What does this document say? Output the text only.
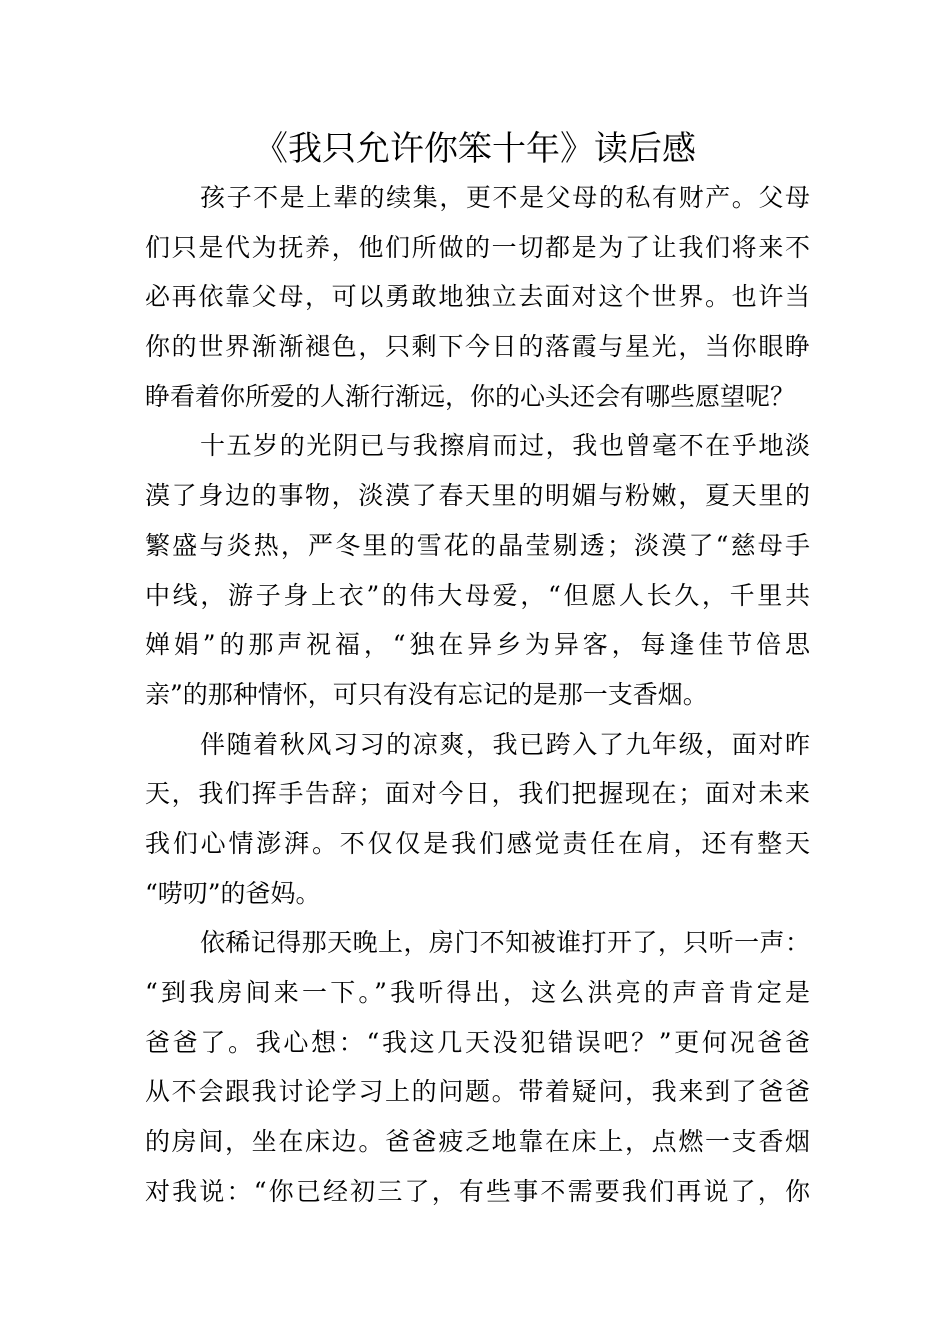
《我只允许你笨十年》读后感

孩子不是上辈的续集，更不是父母的私有财产。父母
们只是代为抚养，他们所做的一切都是为了让我们将来不
必再依靠父母，可以勇敢地独立去面对这个世界。也许当
你的世界渐渐褪色，只剩下今日的落霞与星光，当你眼睁
睁看着你所爱的人渐行渐远，你的心头还会有哪些愿望呢？

十五岁的光阴已与我擦肩而过，我也曾毫不在乎地淡
漠了身边的事物，淡漠了春天里的明媚与粉嫩，夏天里的
繁盛与炎热，严冬里的雪花的晶莹剔透；淡漠了“慈母手
中线，游子身上衣”的伟大母爱，“但愿人长久，千里共
婵娟”的那声祝福，“独在异乡为异客，每逢佳节倍思
亲”的那种情怀，可只有没有忘记的是那一支香烟。

伴随着秋风习习的凉爽，我已跨入了九年级，面对昨
天，我们挥手告辞；面对今日，我们把握现在；面对未来
我们心情澎湃。不仅仅是我们感觉责任在肩，还有整天
“唠叨”的爸妈。

依稀记得那天晚上，房门不知被谁打开了，只听一声：
“到我房间来一下。”我听得出，这么洪亮的声音肯定是
爸爸了。我心想：“我这几天没犯错误吧？”更何况爸爸
从不会跟我讨论学习上的问题。带着疑问，我来到了爸爸
的房间，坐在床边。爸爸疲乏地靠在床上，点燃一支香烟
对我说：“你已经初三了，有些事不需要我们再说了，你
